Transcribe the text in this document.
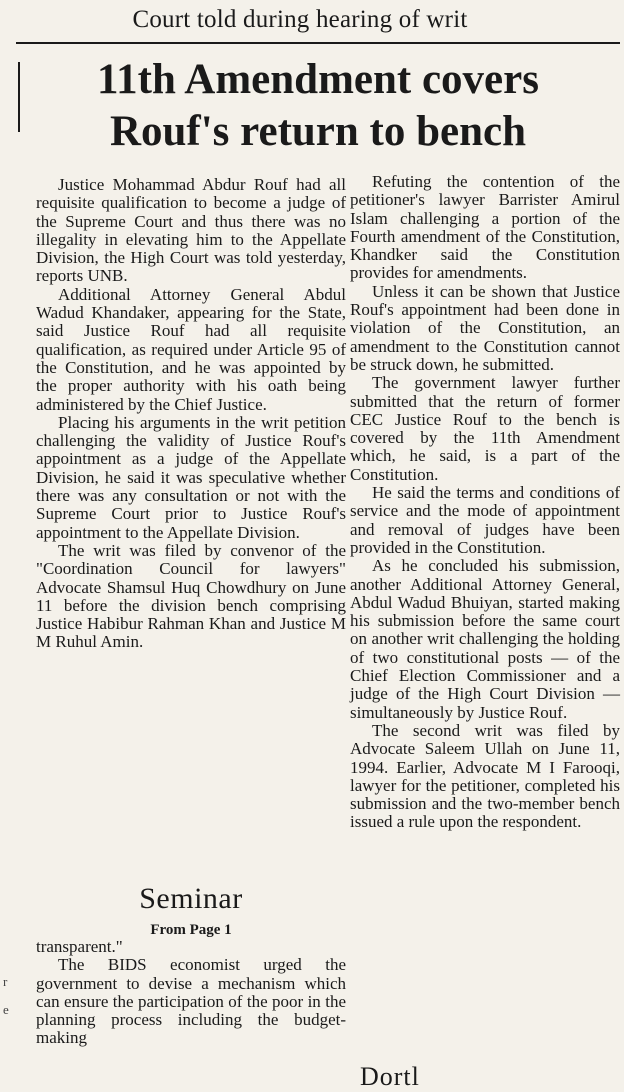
Court told during hearing of writ
11th Amendment covers
Rouf's return to bench

Justice Mohammad Abdur Rouf had all requisite qualification to become a judge of the Supreme Court and thus there was no illegality in elevating him to the Appellate Division, the High Court was told yesterday, reports UNB.

Additional Attorney General Abdul Wadud Khandaker, appearing for the State, said Justice Rouf had all requisite qualification, as required under Article 95 of the Constitution, and he was appointed by the proper authority with his oath being administered by the Chief Justice.

Placing his arguments in the writ petition challenging the validity of Justice Rouf's appointment as a judge of the Appellate Division, he said it was speculative whether there was any consultation or not with the Supreme Court prior to Justice Rouf's appointment to the Appellate Division.

The writ was filed by convenor of the "Coordination Council for lawyers" Advocate Shamsul Huq Chowdhury on June 11 before the division bench comprising Justice Habibur Rahman Khan and Justice M M Ruhul Amin.

Refuting the contention of the petitioner's lawyer Barrister Amirul Islam challenging a portion of the Fourth amendment of the Constitution, Khandker said the Constitution provides for amendments.

Unless it can be shown that Justice Rouf's appointment had been done in violation of the Constitution, an amendment to the Constitution cannot be struck down, he submitted.

The government lawyer further submitted that the return of former CEC Justice Rouf to the bench is covered by the 11th Amendment which, he said, is a part of the Constitution.

He said the terms and conditions of service and the mode of appointment and removal of judges have been provided in the Constitution.

As he concluded his submission, another Additional Attorney General, Abdul Wadud Bhuiyan, started making his submission before the same court on another writ challenging the holding of two constitutional posts — of the Chief Election Commissioner and a judge of the High Court Division — simultaneously by Justice Rouf.

The second writ was filed by Advocate Saleem Ullah on June 11, 1994. Earlier, Advocate M I Farooqi, lawyer for the petitioner, completed his submission and the two-member bench issued a rule upon the respondent.

Seminar
From Page 1

transparent."

The BIDS economist urged the government to devise a mechanism which can ensure the participation of the poor in the planning process including the budget-making

Dortl
r
e
